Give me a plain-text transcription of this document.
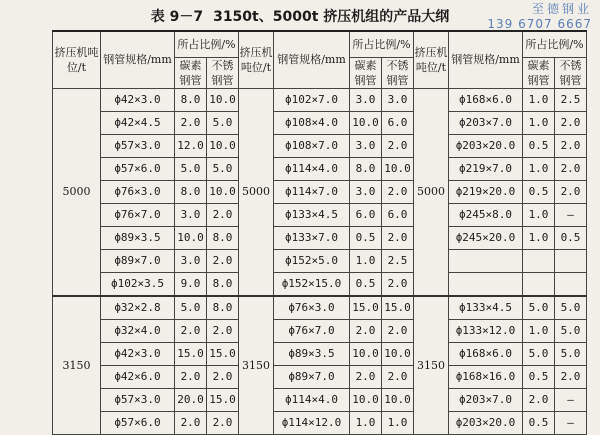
至德钢业
139 6707 6667
表 9－7 3150t、5000t 挤压机组的产品大纲
挤压机吨位/t	钢管规格/mm	所占比例/%		挤压机吨位/t	钢管规格/mm	所占比例/%		挤压机吨位/t	钢管规格/mm	所占比例/%	
		碳素钢管	不锈钢管			碳素钢管	不锈钢管			碳素钢管	不锈钢管
5000	ϕ42×3.0	8.0	10.0	5000	ϕ102×7.0	3.0	3.0	5000	ϕ168×6.0	1.0	2.5
	ϕ42×4.5	2.0	5.0		ϕ108×4.0	10.0	6.0		ϕ203×7.0	1.0	2.0
	ϕ57×3.0	12.0	10.0		ϕ108×7.0	3.0	2.0		ϕ203×20.0	0.5	2.0
	ϕ57×6.0	5.0	5.0		ϕ114×4.0	8.0	10.0		ϕ219×7.0	1.0	2.0
	ϕ76×3.0	8.0	10.0		ϕ114×7.0	3.0	2.0		ϕ219×20.0	0.5	2.0
	ϕ76×7.0	3.0	2.0		ϕ133×4.5	6.0	6.0		ϕ245×8.0	1.0	—
	ϕ89×3.5	10.0	8.0		ϕ133×7.0	0.5	2.0		ϕ245×20.0	1.0	0.5
	ϕ89×7.0	3.0	2.0		ϕ152×5.0	1.0	2.5				
	ϕ102×3.5	9.0	8.0		ϕ152×15.0	0.5	2.0				
3150	ϕ32×2.8	5.0	8.0	3150	ϕ76×3.0	15.0	15.0	3150	ϕ133×4.5	5.0	5.0
	ϕ32×4.0	2.0	2.0		ϕ76×7.0	2.0	2.0		ϕ133×12.0	1.0	5.0
	ϕ42×3.0	15.0	15.0		ϕ89×3.5	10.0	10.0		ϕ168×6.0	5.0	5.0
	ϕ42×6.0	2.0	2.0		ϕ89×7.0	2.0	2.0		ϕ168×16.0	0.5	2.0
	ϕ57×3.0	20.0	15.0		ϕ114×4.0	10.0	10.0		ϕ203×7.0	2.0	—
	ϕ57×6.0	2.0	2.0		ϕ114×12.0	1.0	1.0		ϕ203×20.0	0.5	—
